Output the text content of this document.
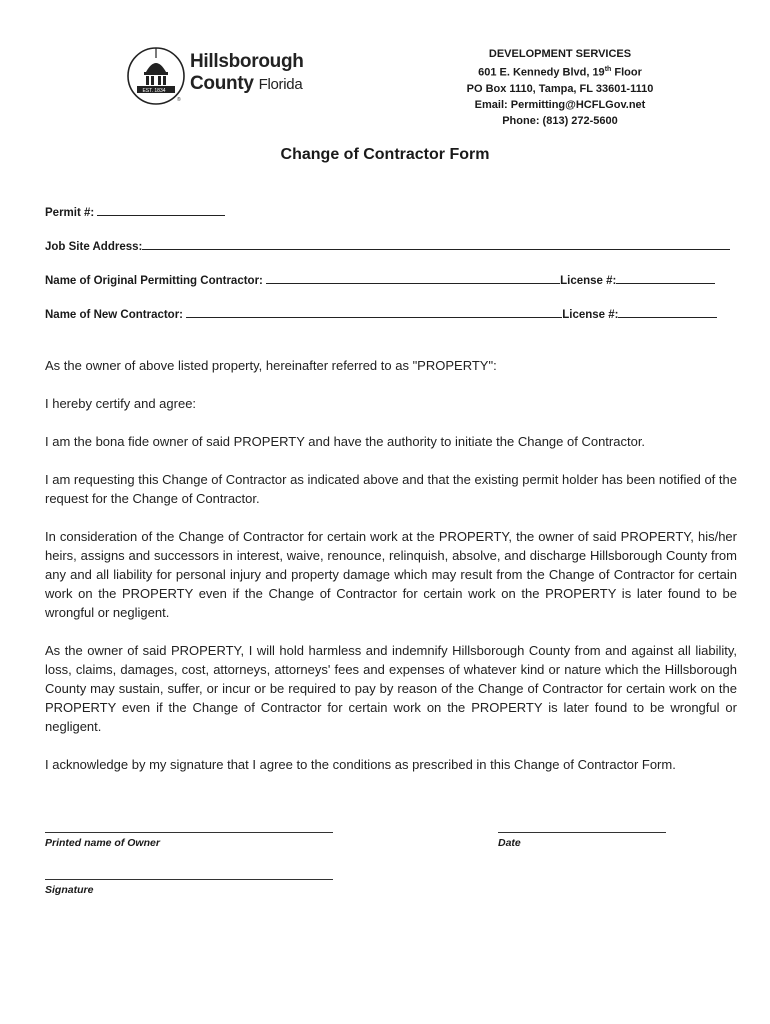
EST. 1834
Hillsborough
County Florida
®
DEVELOPMENT SERVICES
601 E. Kennedy Blvd, 19th Floor
PO Box 1110, Tampa, FL 33601-1110
Email: Permitting@HCFLGov.net
Phone: (813) 272-5600
Change of Contractor Form
Permit #:
Job Site Address:
Name of Original Permitting Contractor:	License #:
Name of New Contractor:	License #:
As the owner of above listed property, hereinafter referred to as "PROPERTY":
I hereby certify and agree:
I am the bona fide owner of said PROPERTY and have the authority to initiate the Change of Contractor.
I am requesting this Change of Contractor as indicated above and that the existing permit holder has been notified of the request for the Change of Contractor.
In consideration of the Change of Contractor for certain work at the PROPERTY, the owner of said PROPERTY, his/her heirs, assigns and successors in interest, waive, renounce, relinquish, absolve, and discharge Hillsborough County from any and all liability for personal injury and property damage which may result from the Change of Contractor for certain work on the PROPERTY even if the Change of Contractor for certain work on the PROPERTY is later found to be wrongful or negligent.
As the owner of said PROPERTY, I will hold harmless and indemnify Hillsborough County from and against all liability, loss, claims, damages, cost, attorneys, attorneys' fees and expenses of whatever kind or nature which the Hillsborough County may sustain, suffer, or incur or be required to pay by reason of the Change of Contractor for certain work on the PROPERTY even if the Change of Contractor for certain work on the PROPERTY is later found to be wrongful or negligent.
I acknowledge by my signature that I agree to the conditions as prescribed in this Change of Contractor Form.
Printed name of Owner	Date
Signature
